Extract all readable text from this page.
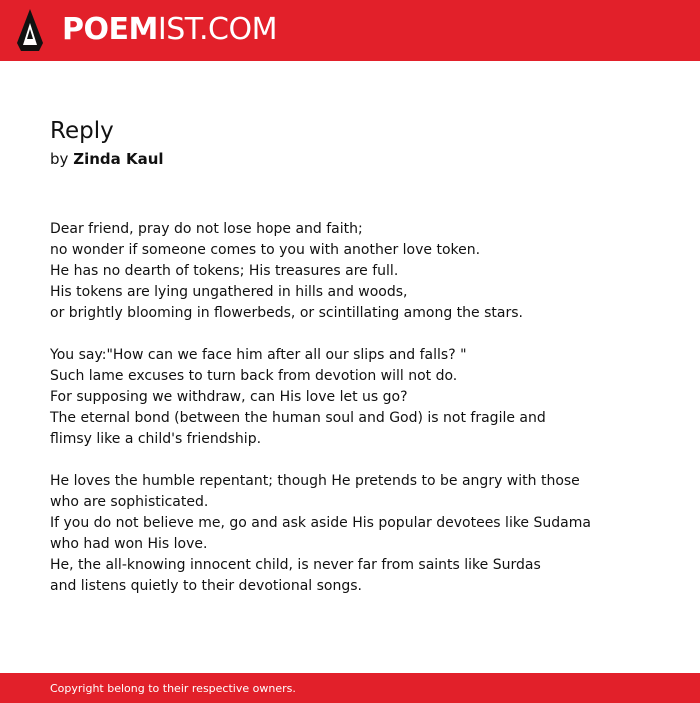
POEMIST.COM
Reply
by Zinda Kaul
Dear friend, pray do not lose hope and faith;
no wonder if someone comes to you with another love token.
He has no dearth of tokens; His treasures are full.
His tokens are lying ungathered in hills and woods,
or brightly blooming in flowerbeds, or scintillating among the stars.
You say:"How can we face him after all our slips and falls? "
Such lame excuses to turn back from devotion will not do.
For supposing we withdraw, can His love let us go?
The eternal bond (between the human soul and God) is not fragile and
flimsy like a child's friendship.
He loves the humble repentant; though He pretends to be angry with those
who are sophisticated.
If you do not believe me, go and ask aside His popular devotees like Sudama
who had won His love.
He, the all-knowing innocent child, is never far from saints like Surdas
and listens quietly to their devotional songs.
Copyright belong to their respective owners.
